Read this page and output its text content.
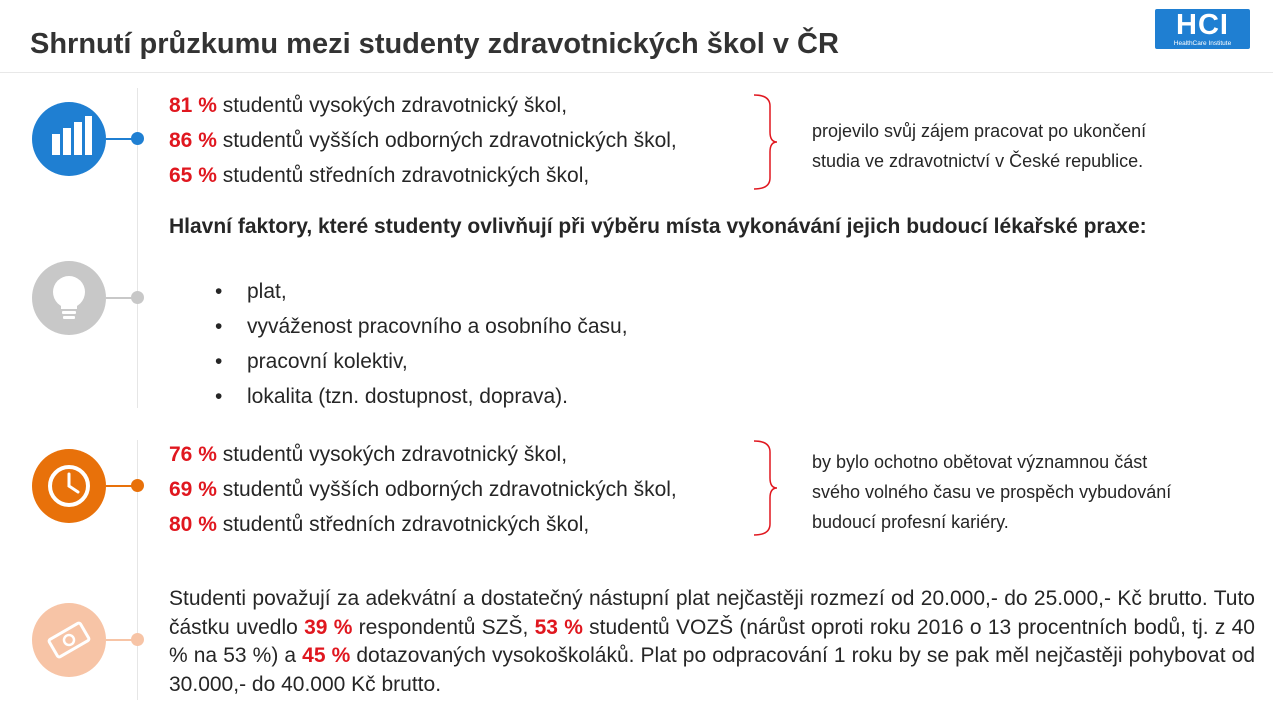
Shrnutí průzkumu mezi studenty zdravotnických škol v ČR
HCI
HealthCare Institute
81 % studentů vysokých zdravotnický škol,
86 % studentů vyšších odborných zdravotnických škol,
65 % studentů středních zdravotnických škol,
projevilo svůj zájem pracovat po ukončení
studia ve zdravotnictví v České republice.
Hlavní faktory, které studenty ovlivňují při výběru místa vykonávání jejich budoucí lékařské praxe:
• plat,
• vyváženost pracovního a osobního času,
• pracovní kolektiv,
• lokalita (tzn. dostupnost, doprava).
76 % studentů vysokých zdravotnický škol,
69 % studentů vyšších odborných zdravotnických škol,
80 % studentů středních zdravotnických škol,
by bylo ochotno obětovat významnou část
svého volného času ve prospěch vybudování
budoucí profesní kariéry.
Studenti považují za adekvátní a dostatečný nástupní plat nejčastěji rozmezí od 20.000,- do 25.000,- Kč brutto. Tuto částku uvedlo 39 % respondentů SZŠ, 53 % studentů VOZŠ (nárůst oproti roku 2016 o 13 procentních bodů, tj. z 40 % na 53 %) a 45 % dotazovaných vysokoškoláků. Plat po odpracování 1 roku by se pak měl nejčastěji pohybovat od 30.000,- do 40.000 Kč brutto.
